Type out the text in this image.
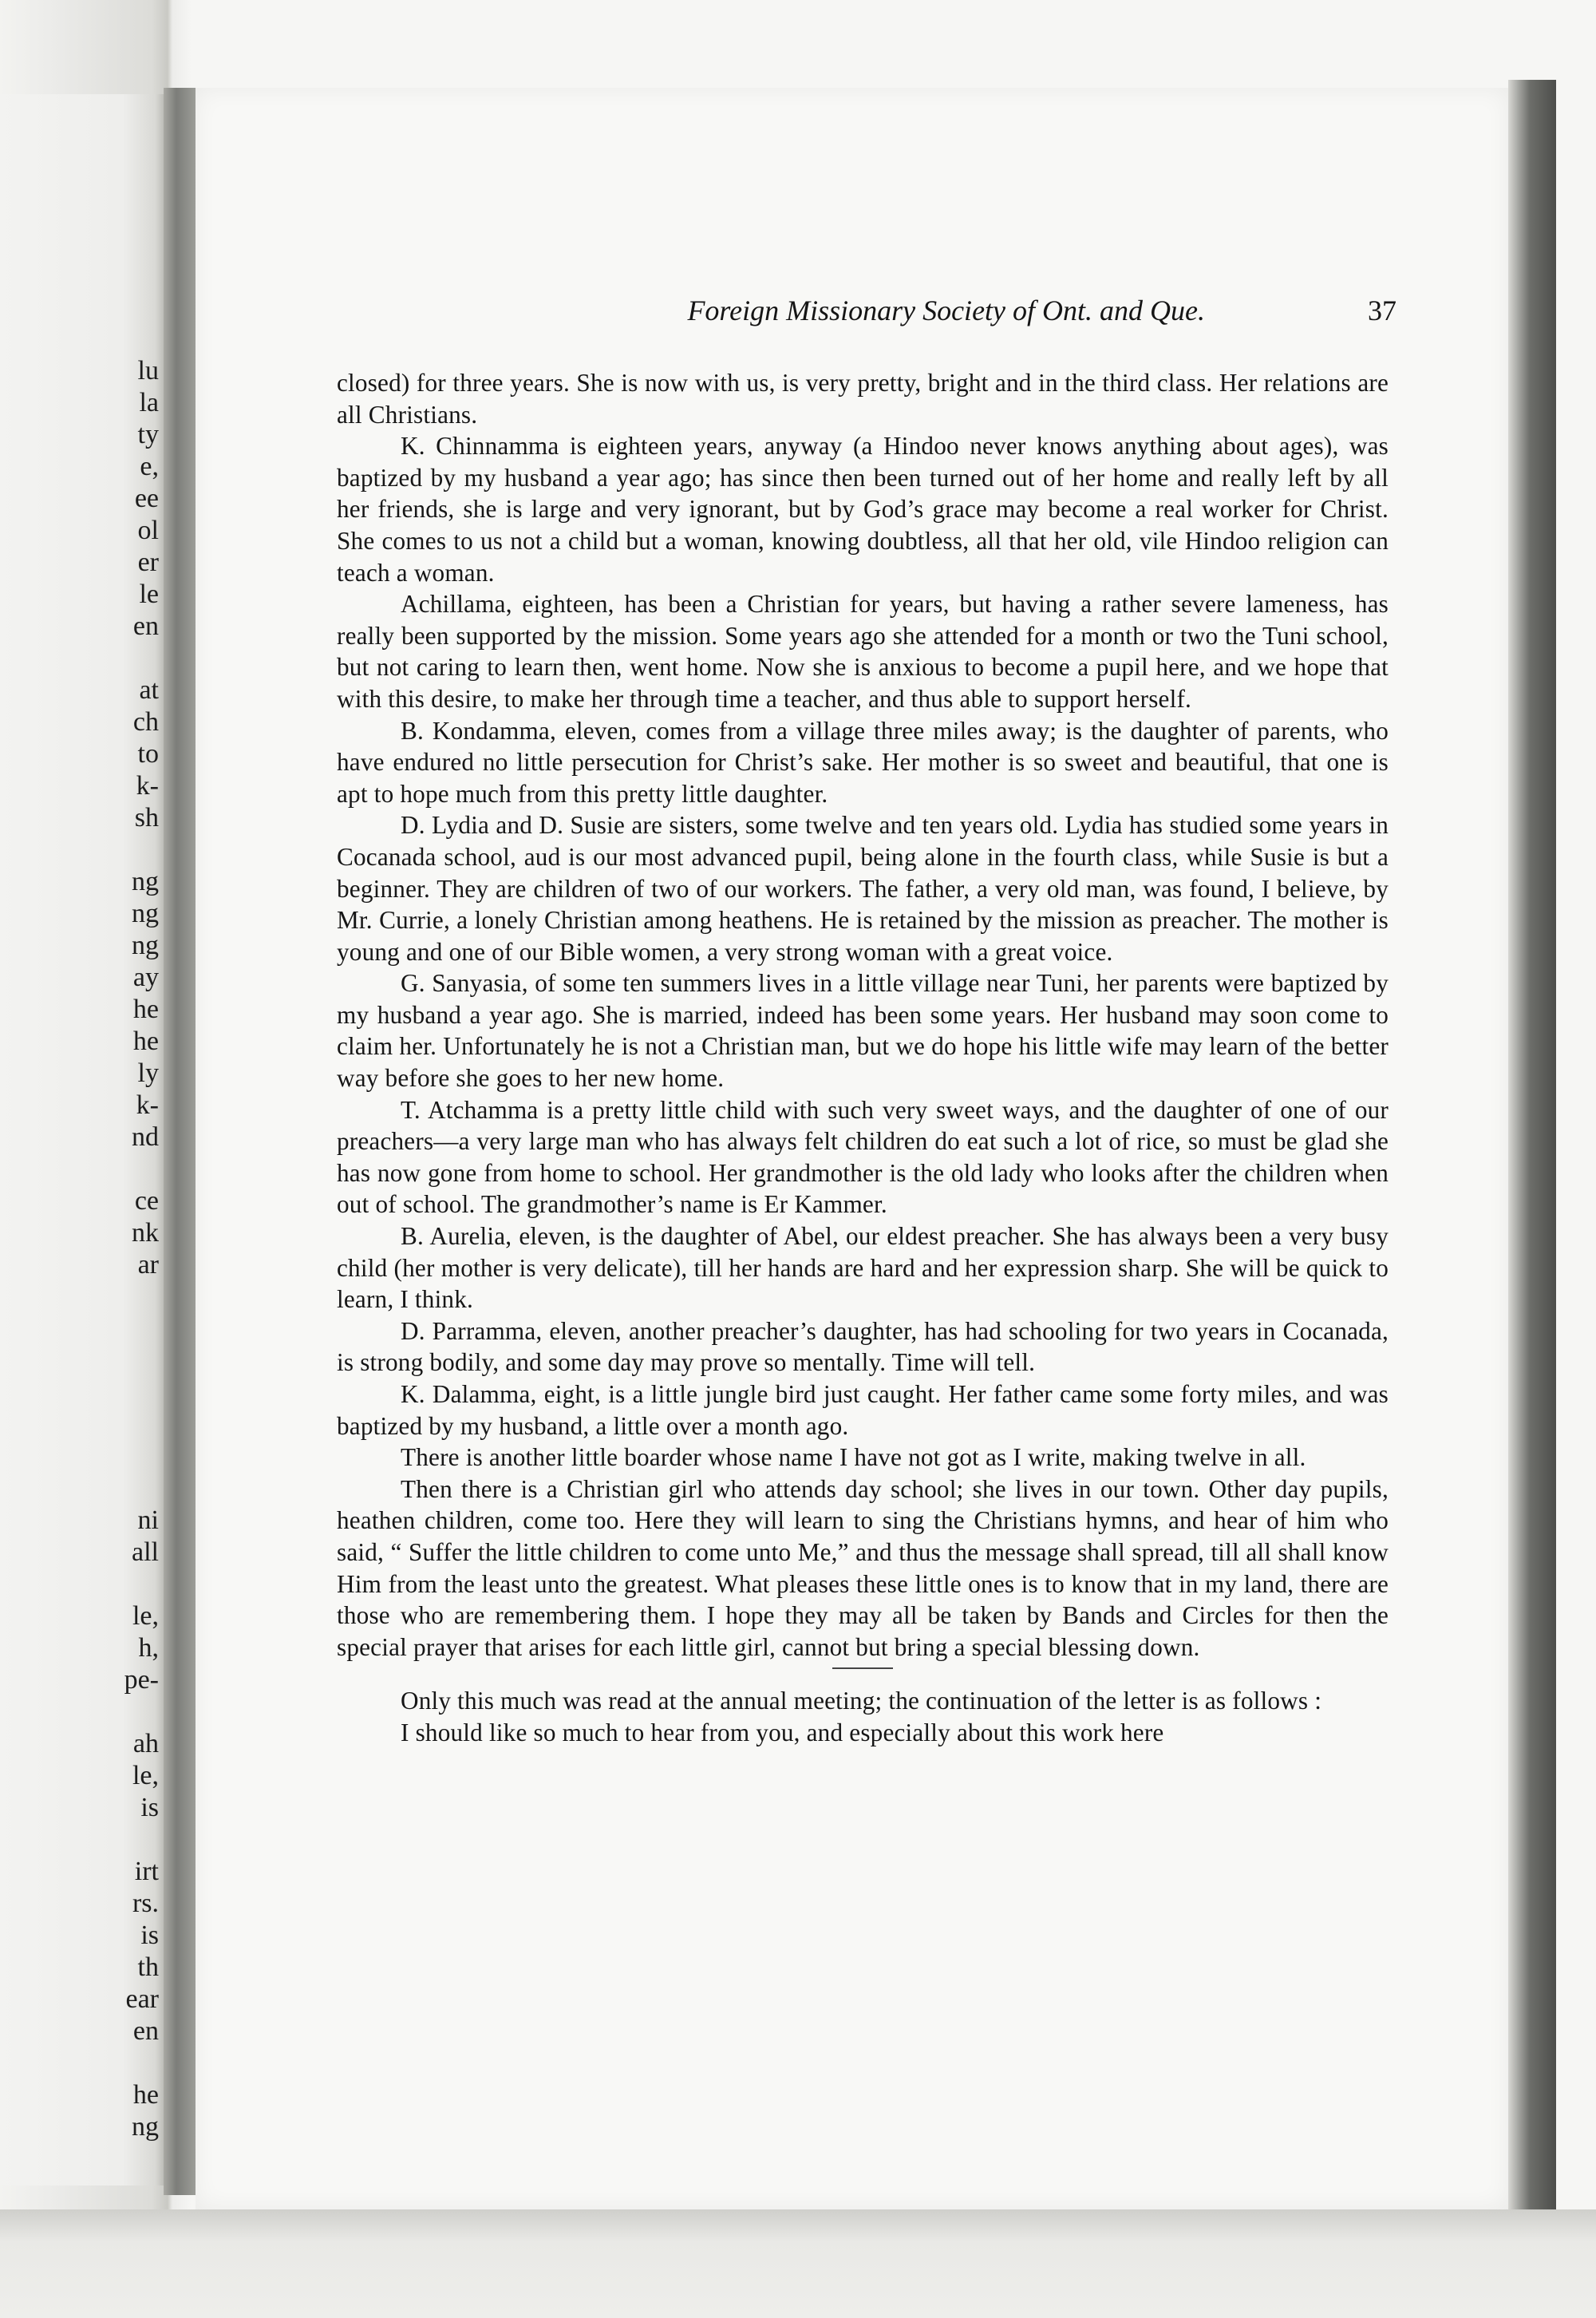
lu
la
ty
e,
ee
ol
er
le
en
at
ch
to
k-
sh
ng
ng
ng
ay
he
he
ly
k-
nd
ce
nk
ar
ni
all
le,
h,
pe-
ah
le,
is
irt
rs.
is
th
ear
en
he
ng
Foreign Missionary Society of Ont. and Que.	37

closed) for three years. She is now with us, is very pretty, bright and in the third class. Her relations are all Christians.

K. Chinnamma is eighteen years, anyway (a Hindoo never knows anything about ages), was baptized by my husband a year ago; has since then been turned out of her home and really left by all her friends, she is large and very ignorant, but by God’s grace may become a real worker for Christ. She comes to us not a child but a woman, knowing doubtless, all that her old, vile Hindoo religion can teach a woman.

Achillama, eighteen, has been a Christian for years, but having a rather severe lameness, has really been supported by the mission. Some years ago she attended for a month or two the Tuni school, but not caring to learn then, went home. Now she is anxious to become a pupil here, and we hope that with this desire, to make her through time a teacher, and thus able to support herself.

B. Kondamma, eleven, comes from a village three miles away; is the daughter of parents, who have endured no little persecution for Christ’s sake. Her mother is so sweet and beautiful, that one is apt to hope much from this pretty little daughter.

D. Lydia and D. Susie are sisters, some twelve and ten years old. Lydia has studied some years in Cocanada school, aud is our most advanced pupil, being alone in the fourth class, while Susie is but a beginner. They are children of two of our workers. The father, a very old man, was found, I believe, by Mr. Currie, a lonely Christian among heathens. He is retained by the mission as preacher. The mother is young and one of our Bible women, a very strong woman with a great voice.

G. Sanyasia, of some ten summers lives in a little village near Tuni, her parents were baptized by my husband a year ago. She is married, indeed has been some years. Her husband may soon come to claim her. Unfortunately he is not a Christian man, but we do hope his little wife may learn of the better way before she goes to her new home.

T. Atchamma is a pretty little child with such very sweet ways, and the daughter of one of our preachers—a very large man who has always felt children do eat such a lot of rice, so must be glad she has now gone from home to school. Her grandmother is the old lady who looks after the children when out of school. The grandmother’s name is Er Kammer.

B. Aurelia, eleven, is the daughter of Abel, our eldest preacher. She has always been a very busy child (her mother is very delicate), till her hands are hard and her expression sharp. She will be quick to learn, I think.

D. Parramma, eleven, another preacher’s daughter, has had schooling for two years in Cocanada, is strong bodily, and some day may prove so mentally. Time will tell.

K. Dalamma, eight, is a little jungle bird just caught. Her father came some forty miles, and was baptized by my husband, a little over a month ago.

There is another little boarder whose name I have not got as I write, making twelve in all.

Then there is a Christian girl who attends day school; she lives in our town. Other day pupils, heathen children, come too. Here they will learn to sing the Christians hymns, and hear of him who said, “ Suffer the little children to come unto Me,” and thus the message shall spread, till all shall know Him from the least unto the greatest. What pleases these little ones is to know that in my land, there are those who are remembering them. I hope they may all be taken by Bands and Circles for then the special prayer that arises for each little girl, cannot but bring a special blessing down.

Only this much was read at the annual meeting; the continuation of the letter is as follows :

I should like so much to hear from you, and especially about this work here
